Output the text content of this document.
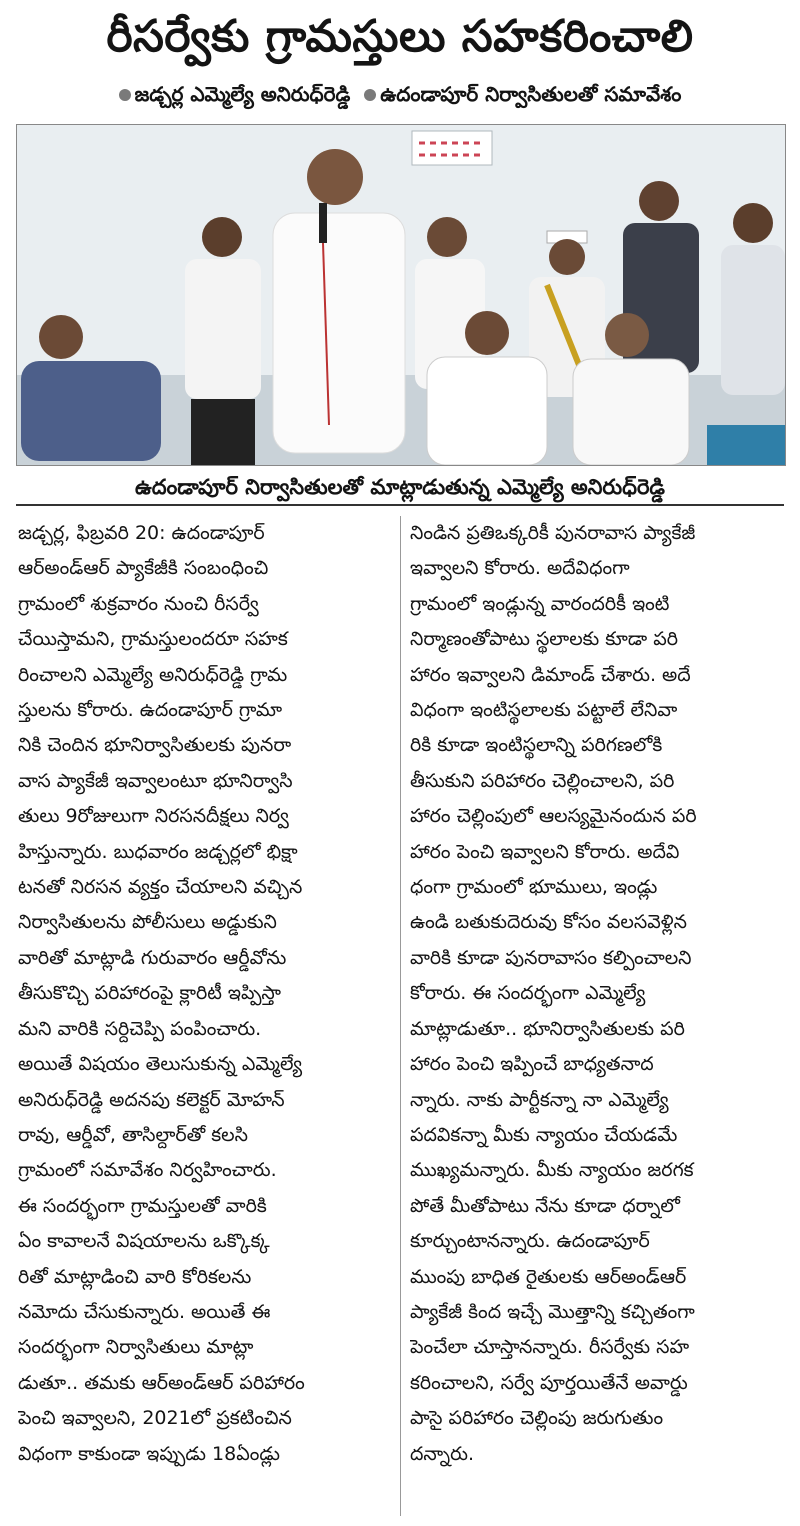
రీసర్వేకు గ్రామస్తులు సహకరించాలి
జడ్చర్ల ఎమ్మెల్యే అనిరుధ్‌రెడ్డి ఉదండాపూర్ నిర్వాసితులతో సమావేశం
ఉదండాపూర్ నిర్వాసితులతో మాట్లాడుతున్న ఎమ్మెల్యే అనిరుధ్‌రెడ్డి
జడ్చర్ల, ఫిబ్రవరి 20: ఉదండాపూర్
ఆర్‌అండ్‌ఆర్ ప్యాకేజీకి సంబంధించి
గ్రామంలో శుక్రవారం నుంచి రీసర్వే
చేయిస్తామని, గ్రామస్తులందరూ సహక
రించాలని ఎమ్మెల్యే అనిరుధ్‌రెడ్డి గ్రామ
స్తులను కోరారు. ఉదండాపూర్ గ్రామా
నికి చెందిన భూనిర్వాసితులకు పునరా
వాస ప్యాకేజీ ఇవ్వాలంటూ భూనిర్వాసి
తులు 9రోజులుగా నిరసనదీక్షలు నిర్వ
హిస్తున్నారు. బుధవారం జడ్చర్లలో భిక్షా
టనతో నిరసన వ్యక్తం చేయాలని వచ్చిన
నిర్వాసితులను పోలీసులు అడ్డుకుని
వారితో మాట్లాడి గురువారం ఆర్డీవోను
తీసుకొచ్చి పరిహారంపై క్లారిటీ ఇప్పిస్తా
మని వారికి సర్దిచెప్పి పంపించారు.
అయితే విషయం తెలుసుకున్న ఎమ్మెల్యే
అనిరుధ్‌రెడ్డి అదనపు కలెక్టర్ మోహన్
రావు, ఆర్డీవో, తాసిల్దార్‌తో కలసి
గ్రామంలో సమావేశం నిర్వహించారు.
ఈ సందర్భంగా గ్రామస్తులతో వారికి
ఏం కావాలనే విషయాలను ఒక్కొక్క
రితో మాట్లాడించి వారి కోరికలను
నమోదు చేసుకున్నారు. అయితే ఈ
సందర్భంగా నిర్వాసితులు మాట్లా
డుతూ.. తమకు ఆర్‌అండ్‌ఆర్ పరిహారం
పెంచి ఇవ్వాలని, 2021లో ప్రకటించిన
విధంగా కాకుండా ఇప్పుడు 18ఏండ్లు
నిండిన ప్రతిఒక్కరికీ పునరావాస ప్యాకేజీ
ఇవ్వాలని కోరారు. అదేవిధంగా
గ్రామంలో ఇండ్లున్న వారందరికీ ఇంటి
నిర్మాణంతోపాటు స్థలాలకు కూడా పరి
హారం ఇవ్వాలని డిమాండ్ చేశారు. అదే
విధంగా ఇంటిస్థలాలకు పట్టాలే లేనివా
రికి కూడా ఇంటిస్థలాన్ని పరిగణలోకి
తీసుకుని పరిహారం చెల్లించాలని, పరి
హారం చెల్లింపులో ఆలస్యమైనందున పరి
హారం పెంచి ఇవ్వాలని కోరారు. అదేవి
ధంగా గ్రామంలో భూములు, ఇండ్లు
ఉండి బతుకుదెరువు కోసం వలసవెళ్లిన
వారికి కూడా పునరావాసం కల్పించాలని
కోరారు. ఈ సందర్భంగా ఎమ్మెల్యే
మాట్లాడుతూ.. భూనిర్వాసితులకు పరి
హారం పెంచి ఇప్పించే బాధ్యతనాద
న్నారు. నాకు పార్టీకన్నా నా ఎమ్మెల్యే
పదవికన్నా మీకు న్యాయం చేయడమే
ముఖ్యమన్నారు. మీకు న్యాయం జరగక
పోతే మీతోపాటు నేను కూడా ధర్నాలో
కూర్చుంటానన్నారు. ఉదండాపూర్
ముంపు బాధిత రైతులకు ఆర్‌అండ్‌ఆర్
ప్యాకేజీ కింద ఇచ్చే మొత్తాన్ని కచ్చితంగా
పెంచేలా చూస్తానన్నారు. రీసర్వేకు సహ
కరించాలని, సర్వే పూర్తయితేనే అవార్డు
పాసై పరిహారం చెల్లింపు జరుగుతుం
దన్నారు.
